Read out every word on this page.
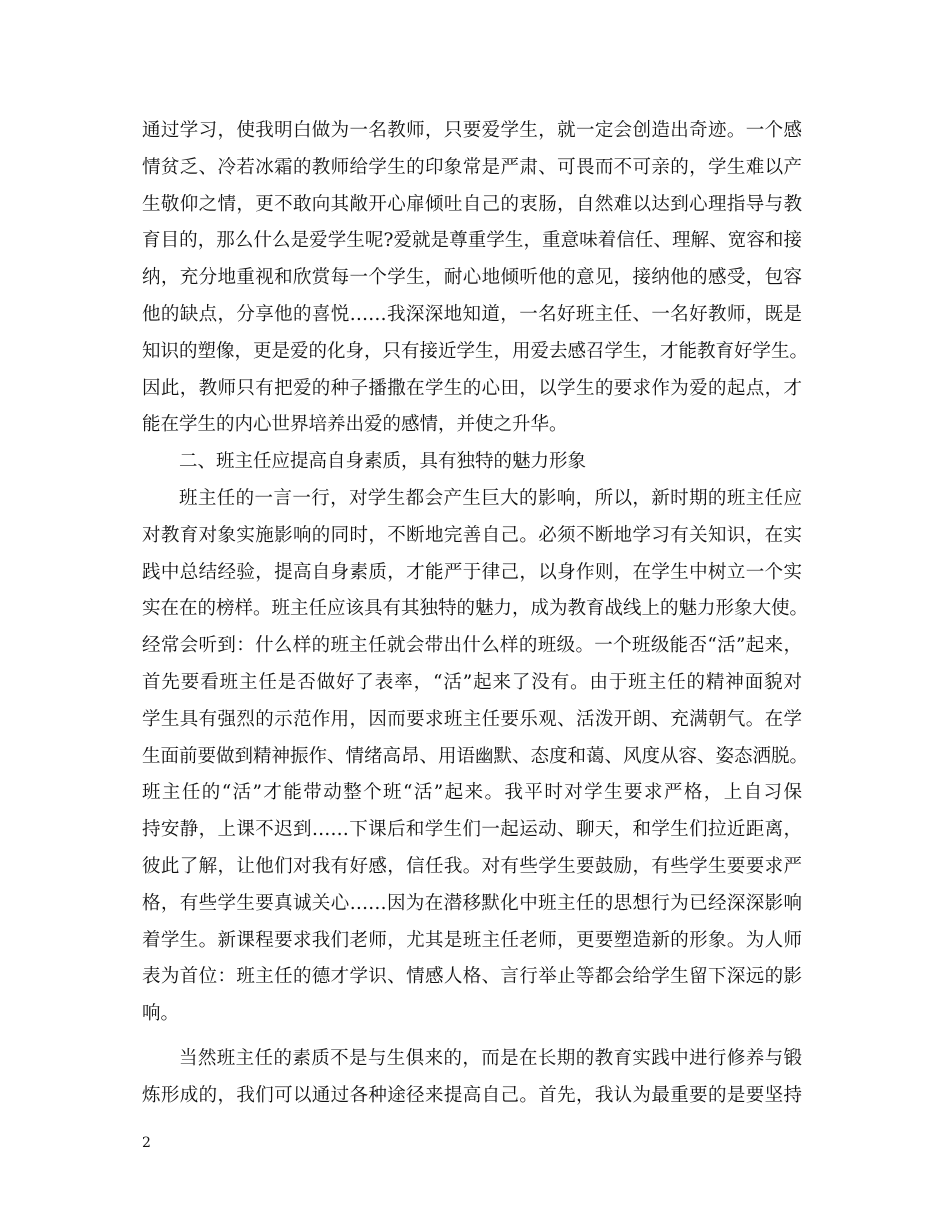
通过学习，使我明白做为一名教师，只要爱学生，就一定会创造出奇迹。一个感
情贫乏、冷若冰霜的教师给学生的印象常是严肃、可畏而不可亲的，学生难以产
生敬仰之情，更不敢向其敞开心扉倾吐自己的衷肠，自然难以达到心理指导与教
育目的，那么什么是爱学生呢?爱就是尊重学生，重意味着信任、理解、宽容和接
纳，充分地重视和欣赏每一个学生，耐心地倾听他的意见，接纳他的感受，包容
他的缺点，分享他的喜悦……我深深地知道，一名好班主任、一名好教师，既是
知识的塑像，更是爱的化身，只有接近学生，用爱去感召学生，才能教育好学生。
因此，教师只有把爱的种子播撒在学生的心田，以学生的要求作为爱的起点，才
能在学生的内心世界培养出爱的感情，并使之升华。
二、班主任应提高自身素质，具有独特的魅力形象
班主任的一言一行，对学生都会产生巨大的影响，所以，新时期的班主任应
对教育对象实施影响的同时，不断地完善自己。必须不断地学习有关知识，在实
践中总结经验，提高自身素质，才能严于律己，以身作则，在学生中树立一个实
实在在的榜样。班主任应该具有其独特的魅力，成为教育战线上的魅力形象大使。
经常会听到：什么样的班主任就会带出什么样的班级。一个班级能否“活”起来，
首先要看班主任是否做好了表率，“活”起来了没有。由于班主任的精神面貌对
学生具有强烈的示范作用，因而要求班主任要乐观、活泼开朗、充满朝气。在学
生面前要做到精神振作、情绪高昂、用语幽默、态度和蔼、风度从容、姿态洒脱。
班主任的“活”才能带动整个班“活”起来。我平时对学生要求严格，上自习保
持安静，上课不迟到……下课后和学生们一起运动、聊天，和学生们拉近距离，
彼此了解，让他们对我有好感，信任我。对有些学生要鼓励，有些学生要要求严
格，有些学生要真诚关心……因为在潜移默化中班主任的思想行为已经深深影响
着学生。新课程要求我们老师，尤其是班主任老师，更要塑造新的形象。为人师
表为首位：班主任的德才学识、情感人格、言行举止等都会给学生留下深远的影
响。
当然班主任的素质不是与生俱来的，而是在长期的教育实践中进行修养与锻
炼形成的，我们可以通过各种途径来提高自己。首先，我认为最重要的是要坚持
2
